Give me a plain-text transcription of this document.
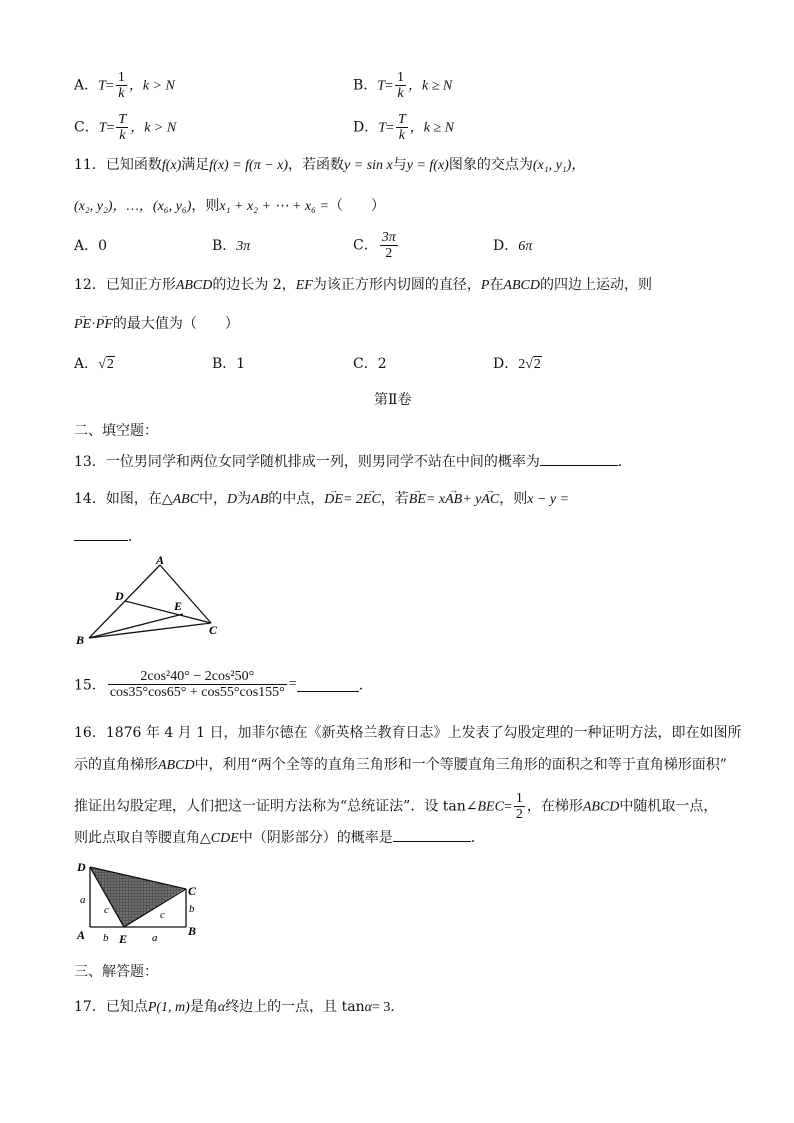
A．$T= \frac{1}{k}$ ，k > N	B．$T= \frac{1}{k}$ ，k ≥ N
C．$T= \frac{T}{k}$ ，k > N	D．$T= \frac{T}{k}$ ，k ≥ N
11．已知函数f(x)满足f(x) = f(π − x)，若函数y = sin x与y = f(x)图象的交点为(x₁, y₁)，
(x₂, y₂)，…，(x₆, y₆)，则x₁ + x₂ + ⋯ + x₆ =（　　）
A．0	B．3π	C． $\frac{3\pi}{2}$	D．6π
12．已知正方形ABCD的边长为 2，EF为该正方形内切圆的直径，P在ABCD的四边上运动，则
→ PE·→ PF的最大值为（　　）
A．√2	B．1	C．2	D．2√2
第Ⅱ卷
二、填空题：
13．一位男同学和两位女同学随机排成一列，则男同学不站在中间的概率为	．
14．如图，在△ABC中，D为AB的中点，→ DE= 2→ EC，若→ BE= x→ AB+ y→ AC，则x − y =
．
A
D
E
B
C
15． $\frac{\text{2cos²40° − 2cos²50°}}{\cos 35^\circ\cos 65^\circ + \cos 55^\circ\cos 155^\circ}$ =	．
16．1876 年 4 月 1 日，加菲尔德在《新英格兰教育日志》上发表了勾股定理的一种证明方法，即在如图所
示的直角梯形ABCD中，利用“两个全等的直角三角形和一个等腰直角三角形的面积之和等于直角梯形面积”
推证出勾股定理，人们把这一证明方法称为“总统证法”．设 tan∠BEC= $\frac{1}{2}$ ，在梯形ABCD中随机取一点，
则此点取自等腰直角△CDE中（阴影部分）的概率是	．
D
C
A	E
B
a
c	c b
b	a
三、解答题：
17．已知点P(1, m)是角α终边上的一点，且 tanα= 3．
